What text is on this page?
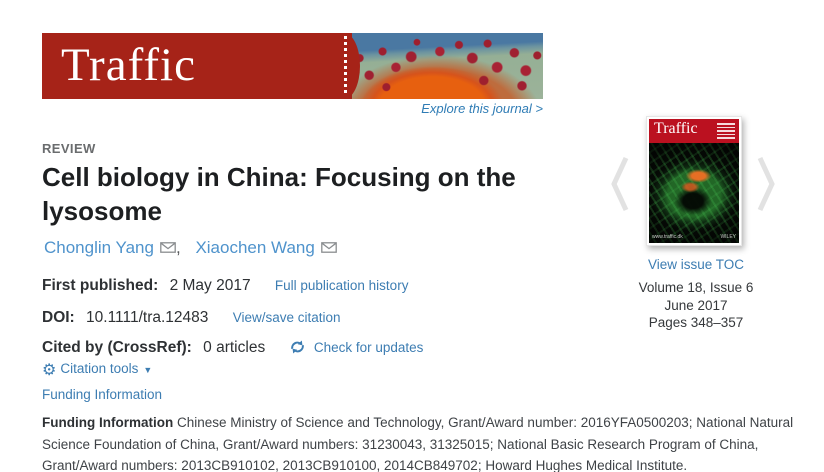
Traffic
Explore this journal >
REVIEW
Cell biology in China: Focusing on the lysosome
Chonglin Yang , Xiaochen Wang
First published: 2 May 2017 Full publication history
DOI: 10.1111/tra.12483 View/save citation
Cited by (CrossRef): 0 articles	Check for updates
⚙ Citation tools ▼
Funding Information

Funding Information Chinese Ministry of Science and Technology, Grant/Award number: 2016YFA0500203; National Natural Science Foundation of China, Grant/Award numbers: 31230043, 31325015; National Basic Research Program of China, Grant/Award numbers: 2013CB910102, 2013CB910100, 2014CB849702; Howard Hughes Medical Institute.

Traffic
www.traffic.dk	WILEY
View issue TOC
Volume 18, Issue 6
June 2017
Pages 348–357
